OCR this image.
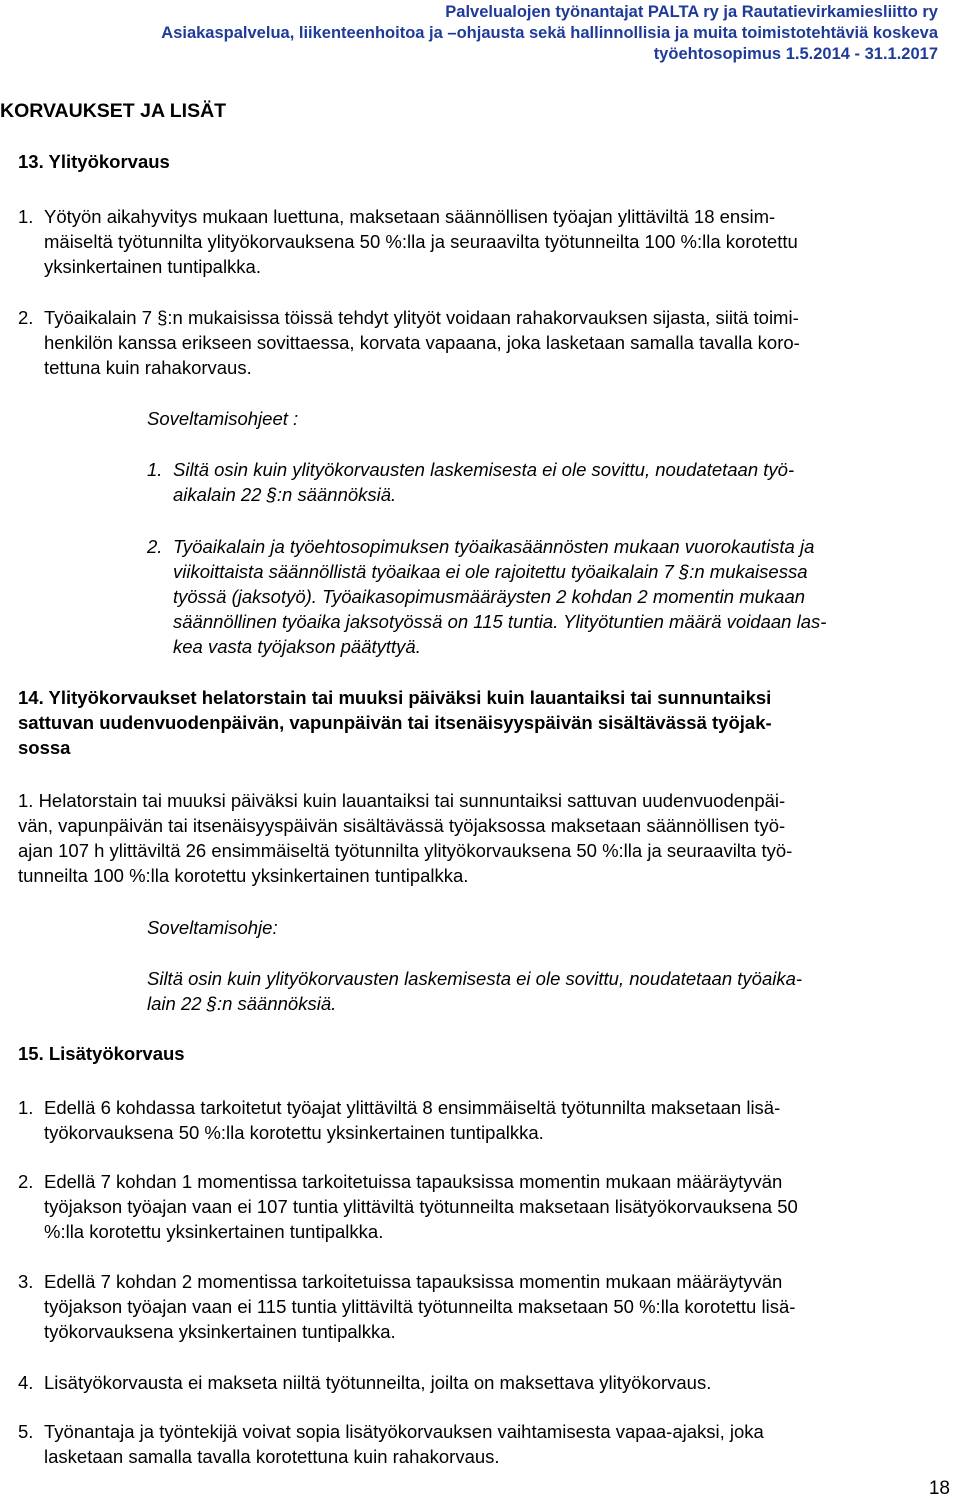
Palvelualojen työnantajat PALTA ry ja Rautatievirkamiesliitto ry
Asiakaspalvelua, liikenteenhoitoa ja –ohjausta sekä hallinnollisia ja muita toimistotehtäviä koskeva
työehtosopimus 1.5.2014 - 31.1.2017
KORVAUKSET JA LISÄT
13. Ylityökorvaus
1. Yötyön aikahyvitys mukaan luettuna, maksetaan säännöllisen työajan ylittäviltä 18 ensim-
mäiseltä työtunnilta ylityökorvauksena 50 %:lla ja seuraavilta työtunneilta 100 %:lla korotettu
yksinkertainen tuntipalkka.
2. Työaikalain 7 §:n mukaisissa töissä tehdyt ylityöt voidaan rahakorvauksen sijasta, siitä toimi-
henkilön kanssa erikseen sovittaessa, korvata vapaana, joka lasketaan samalla tavalla koro-
tettuna kuin rahakorvaus.
Soveltamisohjeet :
1. Siltä osin kuin ylityökorvausten laskemisesta ei ole sovittu, noudatetaan työ-
aikalain 22 §:n säännöksiä.
2. Työaikalain ja työehtosopimuksen työaikasäännösten mukaan vuorokautista ja
viikoittaista säännöllistä työaikaa ei ole rajoitettu työaikalain 7 §:n mukaisessa
työssä (jaksotyö). Työaikasopimusmääräysten 2 kohdan 2 momentin mukaan
säännöllinen työaika jaksotyössä on 115 tuntia. Ylityötuntien määrä voidaan las-
kea vasta työjakson päätyttyä.
14. Ylityökorvaukset helatorstain tai muuksi päiväksi kuin lauantaiksi tai sunnuntaiksi
sattuvan uudenvuodenpäivän, vapunpäivän tai itsenäisyyspäivän sisältävässä työjak-
sossa
1. Helatorstain tai muuksi päiväksi kuin lauantaiksi tai sunnuntaiksi sattuvan uudenvuodenpäi-
vän, vapunpäivän tai itsenäisyyspäivän sisältävässä työjaksossa maksetaan säännöllisen työ-
ajan 107 h ylittäviltä 26 ensimmäiseltä työtunnilta ylityökorvauksena 50 %:lla ja seuraavilta työ-
tunneilta 100 %:lla korotettu yksinkertainen tuntipalkka.
Soveltamisohje:
Siltä osin kuin ylityökorvausten laskemisesta ei ole sovittu, noudatetaan työaika-
lain 22 §:n säännöksiä.
15. Lisätyökorvaus
1. Edellä 6 kohdassa tarkoitetut työajat ylittäviltä 8 ensimmäiseltä työtunnilta maksetaan lisä-
työkorvauksena 50 %:lla korotettu yksinkertainen tuntipalkka.
2. Edellä 7 kohdan 1 momentissa tarkoitetuissa tapauksissa momentin mukaan määräytyvän
työjakson työajan vaan ei 107 tuntia ylittäviltä työtunneilta maksetaan lisätyökorvauksena 50
%:lla korotettu yksinkertainen tuntipalkka.
3. Edellä 7 kohdan 2 momentissa tarkoitetuissa tapauksissa momentin mukaan määräytyvän
työjakson työajan vaan ei 115 tuntia ylittäviltä työtunneilta maksetaan 50 %:lla korotettu lisä-
työkorvauksena yksinkertainen tuntipalkka.
4. Lisätyökorvausta ei makseta niiltä työtunneilta, joilta on maksettava ylityökorvaus.
5. Työnantaja ja työntekijä voivat sopia lisätyökorvauksen vaihtamisesta vapaa-ajaksi, joka
lasketaan samalla tavalla korotettuna kuin rahakorvaus.
18
